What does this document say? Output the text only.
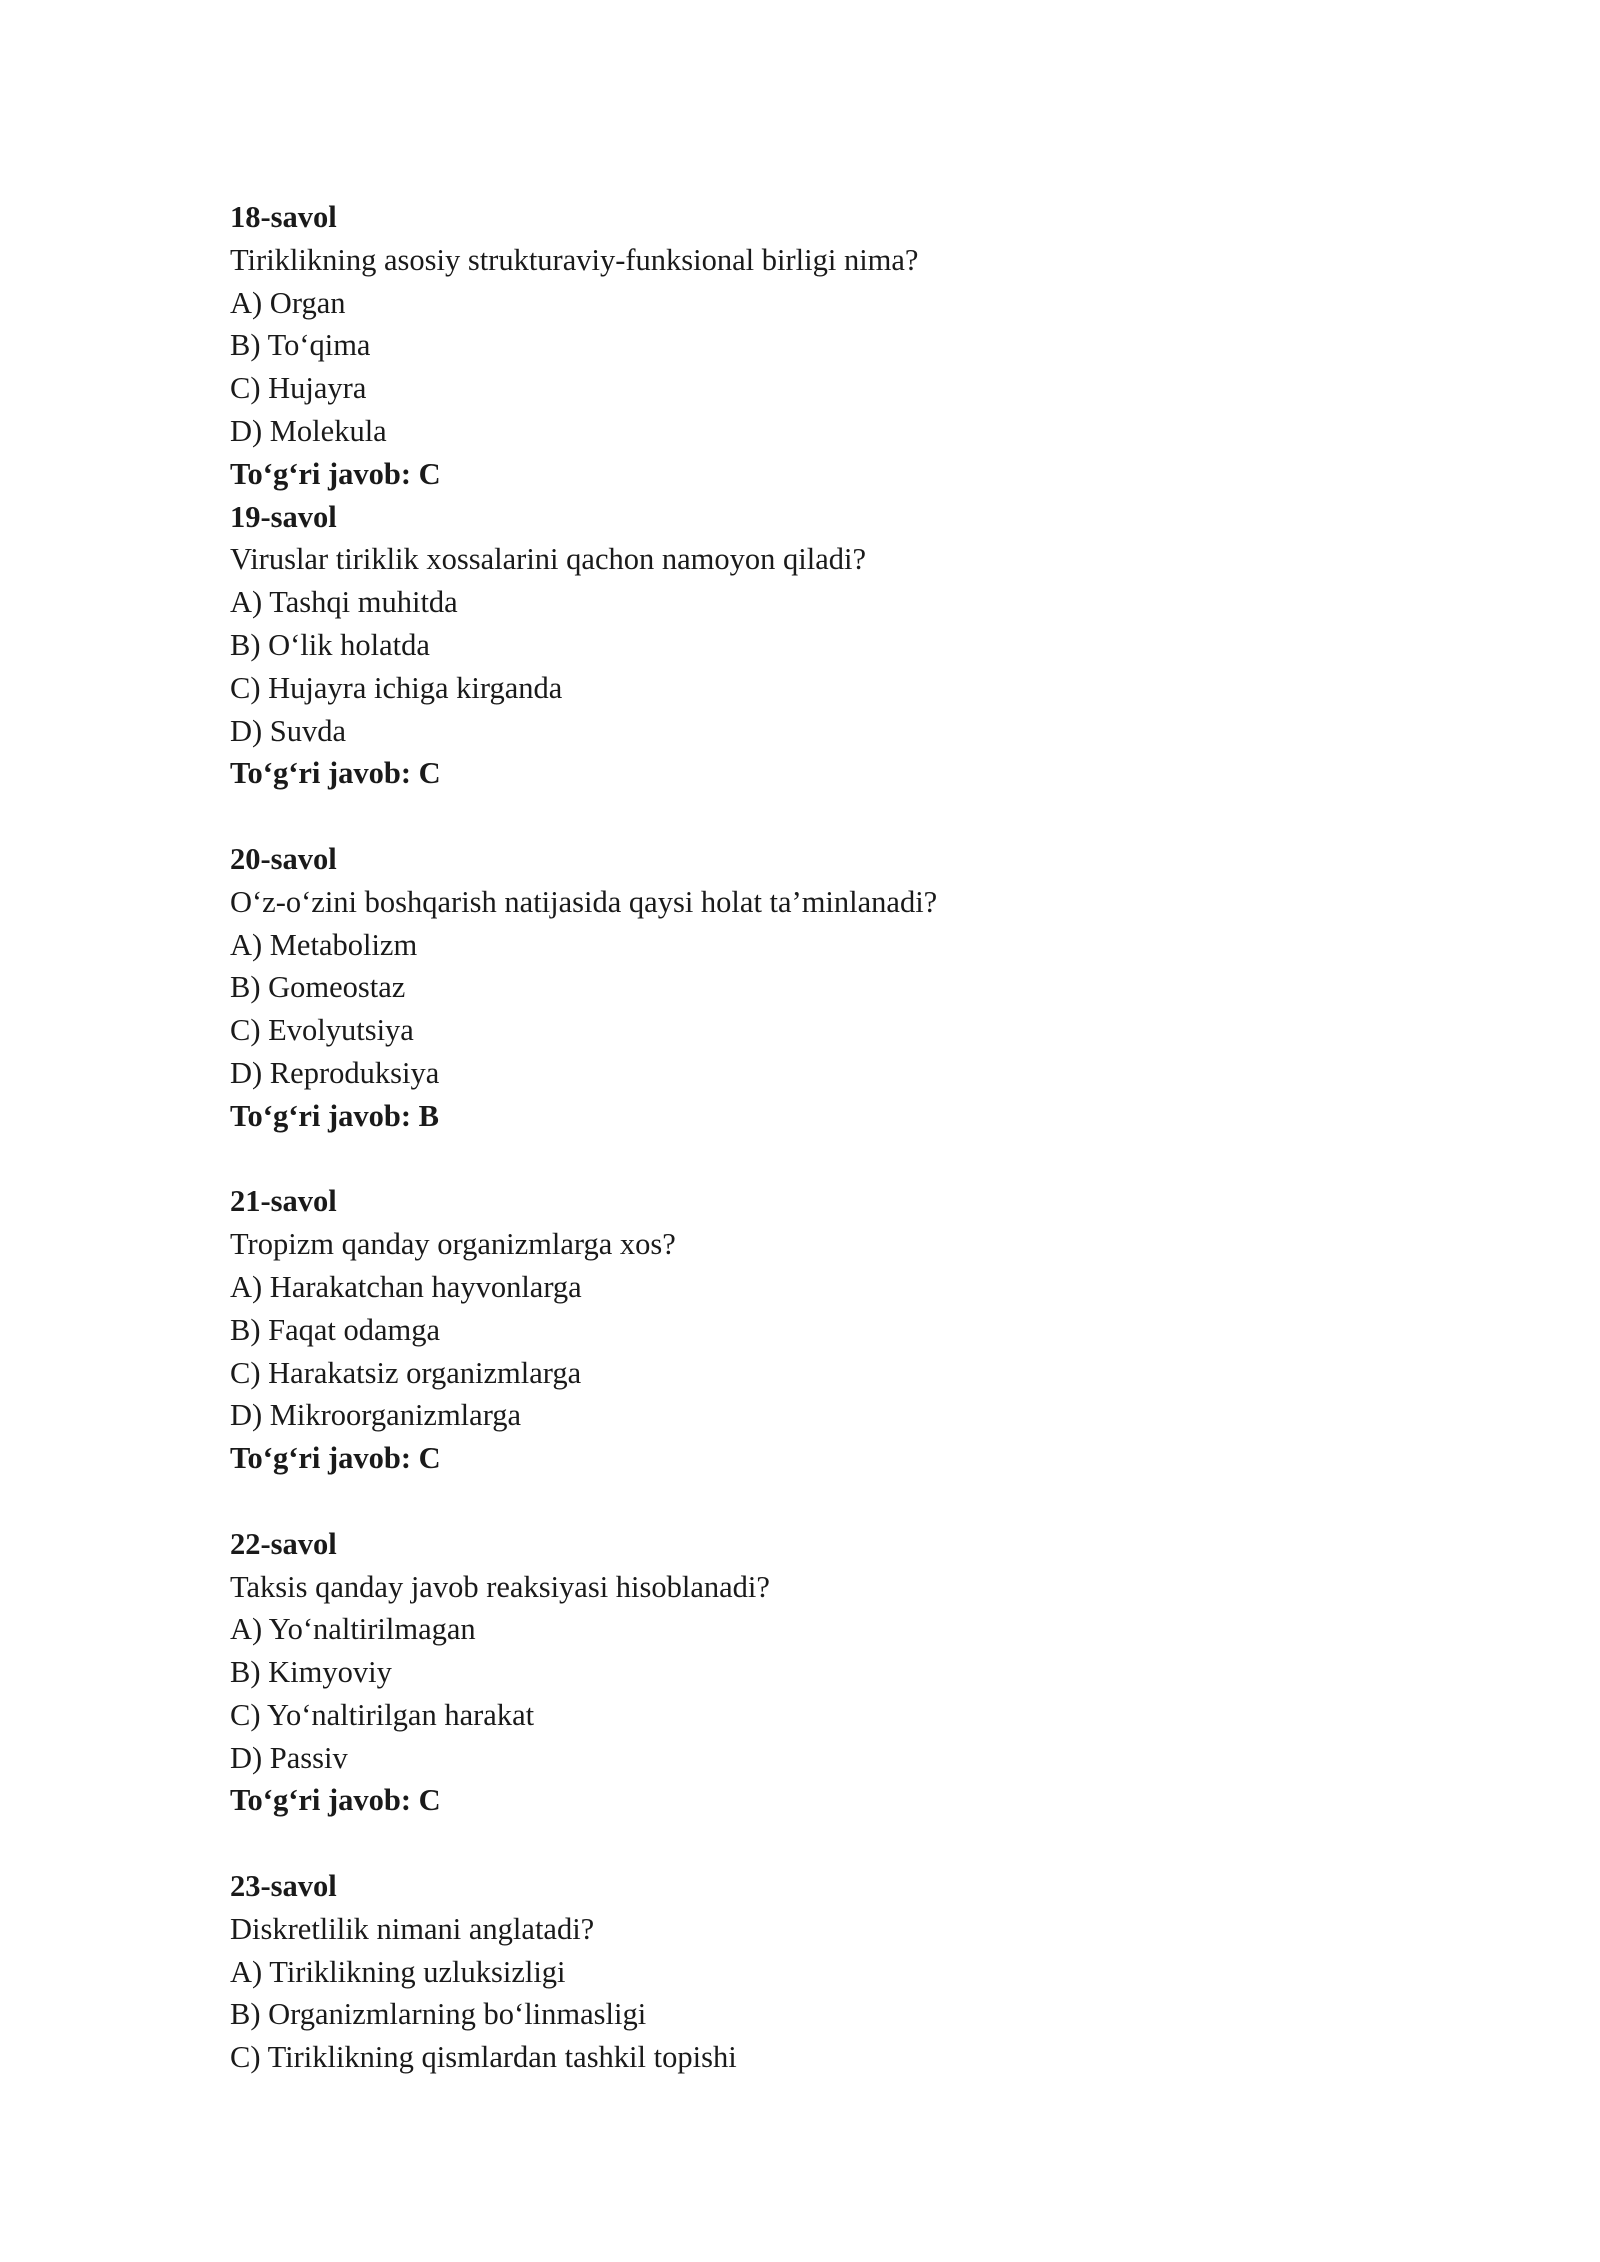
18-savol
Tiriklikning asosiy strukturaviy-funksional birligi nima?
A) Organ
B) To‘qima
C) Hujayra
D) Molekula
To‘g‘ri javob: C
19-savol
Viruslar tiriklik xossalarini qachon namoyon qiladi?
A) Tashqi muhitda
B) O‘lik holatda
C) Hujayra ichiga kirganda
D) Suvda
To‘g‘ri javob: C
20-savol
O‘z-o‘zini boshqarish natijasida qaysi holat ta’minlanadi?
A) Metabolizm
B) Gomeostaz
C) Evolyutsiya
D) Reproduksiya
To‘g‘ri javob: B
21-savol
Tropizm qanday organizmlarga xos?
A) Harakatchan hayvonlarga
B) Faqat odamga
C) Harakatsiz organizmlarga
D) Mikroorganizmlarga
To‘g‘ri javob: C
22-savol
Taksis qanday javob reaksiyasi hisoblanadi?
A) Yo‘naltirilmagan
B) Kimyoviy
C) Yo‘naltirilgan harakat
D) Passiv
To‘g‘ri javob: C
23-savol
Diskretlilik nimani anglatadi?
A) Tiriklikning uzluksizligi
B) Organizmlarning bo‘linmasligi
C) Tiriklikning qismlardan tashkil topishi
